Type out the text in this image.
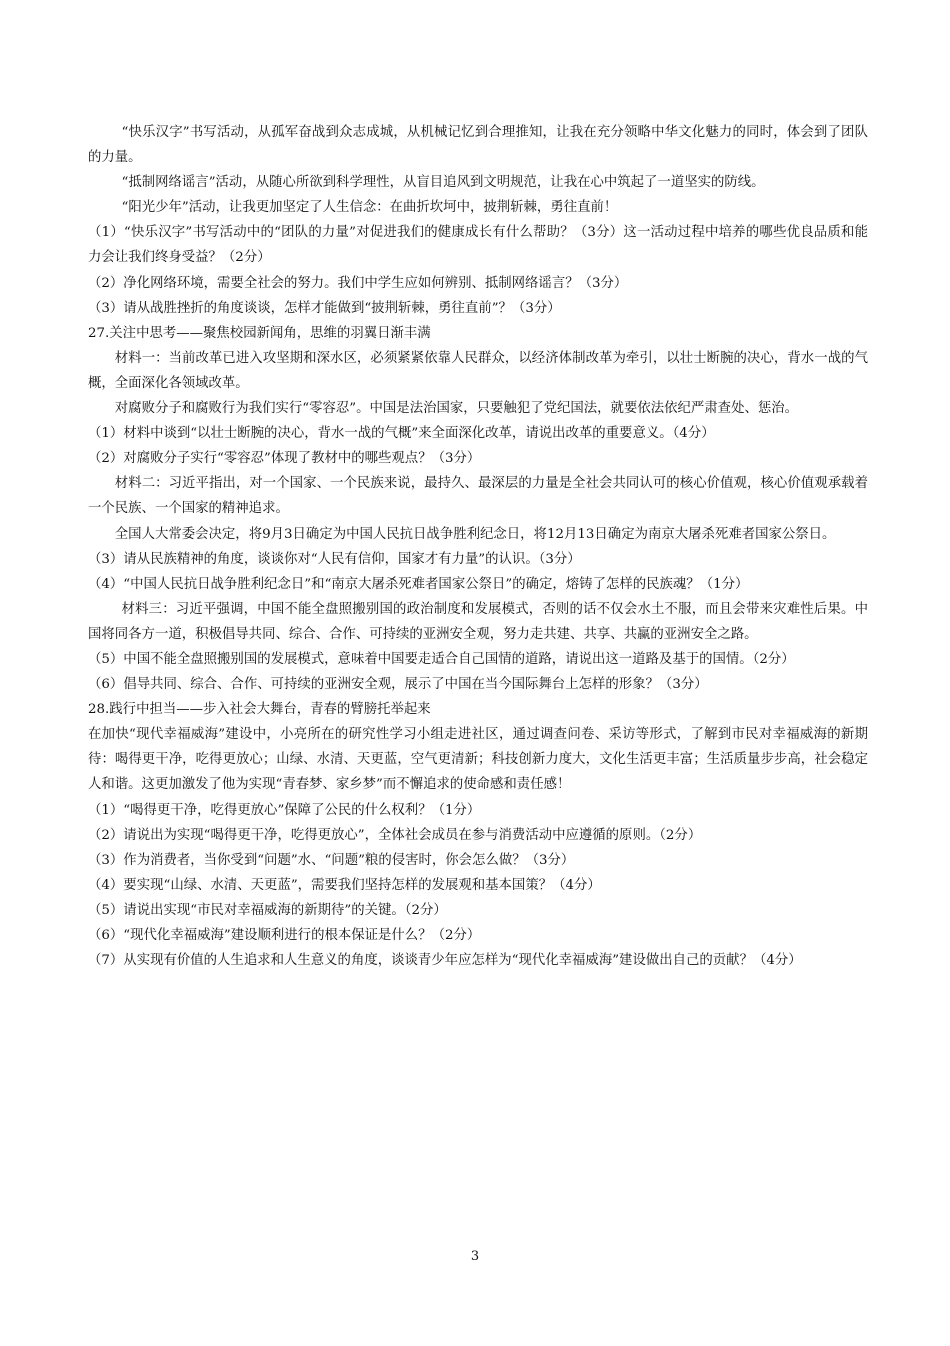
“快乐汉字”书写活动，从孤军奋战到众志成城，从机械记忆到合理推知，让我在充分领略中华文化魅力的同时，体会到了团队的力量。

“抵制网络谣言”活动，从随心所欲到科学理性，从盲目追风到文明规范，让我在心中筑起了一道坚实的防线。

“阳光少年”活动，让我更加坚定了人生信念：在曲折坎坷中，披荆斩棘，勇往直前！

（1）“快乐汉字”书写活动中的“团队的力量”对促进我们的健康成长有什么帮助？（3分）这一活动过程中培养的哪些优良品质和能力会让我们终身受益？（2分）

（2）净化网络环境，需要全社会的努力。我们中学生应如何辨别、抵制网络谣言？（3分）

（3）请从战胜挫折的角度谈谈，怎样才能做到“披荆斩棘，勇往直前”？（3分）

27.关注中思考——聚焦校园新闻角，思维的羽翼日渐丰满

材料一：当前改革已进入攻坚期和深水区，必须紧紧依靠人民群众，以经济体制改革为牵引，以壮士断腕的决心，背水一战的气概，全面深化各领域改革。

对腐败分子和腐败行为我们实行“零容忍”。中国是法治国家，只要触犯了党纪国法，就要依法依纪严肃查处、惩治。

（1）材料中谈到“以壮士断腕的决心，背水一战的气概”来全面深化改革，请说出改革的重要意义。（4分）

（2）对腐败分子实行“零容忍”体现了教材中的哪些观点？（3分）

材料二：习近平指出，对一个国家、一个民族来说，最持久、最深层的力量是全社会共同认可的核心价值观，核心价值观承载着一个民族、一个国家的精神追求。

全国人大常委会决定，将9月3日确定为中国人民抗日战争胜利纪念日，将12月13日确定为南京大屠杀死难者国家公祭日。

（3）请从民族精神的角度，谈谈你对“人民有信仰，国家才有力量”的认识。（3分）

（4）“中国人民抗日战争胜利纪念日”和“南京大屠杀死难者国家公祭日”的确定，熔铸了怎样的民族魂？（1分）

材料三：习近平强调，中国不能全盘照搬别国的政治制度和发展模式，否则的话不仅会水土不服，而且会带来灾难性后果。中国将同各方一道，积极倡导共同、综合、合作、可持续的亚洲安全观，努力走共建、共享、共赢的亚洲安全之路。

（5）中国不能全盘照搬别国的发展模式，意味着中国要走适合自己国情的道路，请说出这一道路及基于的国情。（2分）

（6）倡导共同、综合、合作、可持续的亚洲安全观，展示了中国在当今国际舞台上怎样的形象？（3分）

28.践行中担当——步入社会大舞台，青春的臂膀托举起来

在加快“现代幸福威海”建设中，小亮所在的研究性学习小组走进社区，通过调查问卷、采访等形式，了解到市民对幸福威海的新期待：喝得更干净，吃得更放心；山绿、水清、天更蓝，空气更清新；科技创新力度大，文化生活更丰富；生活质量步步高，社会稳定人和谐。这更加激发了他为实现“青春梦、家乡梦”而不懈追求的使命感和责任感！

（1）“喝得更干净，吃得更放心”保障了公民的什么权利？（1分）

（2）请说出为实现“喝得更干净，吃得更放心”，全体社会成员在参与消费活动中应遵循的原则。（2分）

（3）作为消费者，当你受到“问题”水、“问题”粮的侵害时，你会怎么做？（3分）

（4）要实现“山绿、水清、天更蓝”，需要我们坚持怎样的发展观和基本国策？（4分）

（5）请说出实现“市民对幸福威海的新期待”的关键。（2分）

（6）“现代化幸福威海”建设顺利进行的根本保证是什么？（2分）

（7）从实现有价值的人生追求和人生意义的角度，谈谈青少年应怎样为“现代化幸福威海”建设做出自己的贡献？（4分）

3
